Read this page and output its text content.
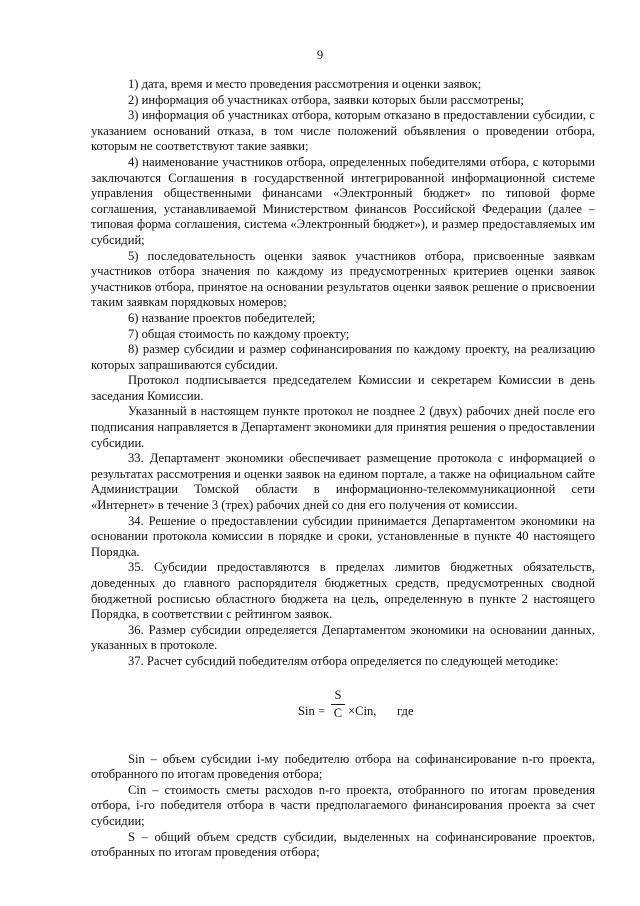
9

1) дата, время и место проведения рассмотрения и оценки заявок;

2) информация об участниках отбора, заявки которых были рассмотрены;

3) информация об участниках отбора, которым отказано в предоставлении субсидии, с указанием оснований отказа, в том числе положений объявления о проведении отбора, которым не соответствуют такие заявки;

4) наименование участников отбора, определенных победителями отбора, с которыми заключаются Соглашения в государственной интегрированной информационной системе управления общественными финансами «Электронный бюджет» по типовой форме соглашения, устанавливаемой Министерством финансов Российской Федерации (далее – типовая форма соглашения, система «Электронный бюджет»), и размер предоставляемых им субсидий;

5) последовательность оценки заявок участников отбора, присвоенные заявкам участников отбора значения по каждому из предусмотренных критериев оценки заявок участников отбора, принятое на основании результатов оценки заявок решение о присвоении таким заявкам порядковых номеров;

6) название проектов победителей;

7) общая стоимость по каждому проекту;

8) размер субсидии и размер софинансирования по каждому проекту, на реализацию которых запрашиваются субсидии.

Протокол подписывается председателем Комиссии и секретарем Комиссии в день заседания Комиссии.

Указанный в настоящем пункте протокол не позднее 2 (двух) рабочих дней после его подписания направляется в Департамент экономики для принятия решения о предоставлении субсидии.

33. Департамент экономики обеспечивает размещение протокола с информацией о результатах рассмотрения и оценки заявок на едином портале, а также на официальном сайте Администрации Томской области в информационно-телекоммуникационной сети «Интернет» в течение 3 (трех) рабочих дней со дня его получения от комиссии.

34. Решение о предоставлении субсидии принимается Департаментом экономики на основании протокола комиссии в порядке и сроки, установленные в пункте 40 настоящего Порядка.

35. Субсидии предоставляются в пределах лимитов бюджетных обязательств, доведенных до главного распорядителя бюджетных средств, предусмотренных сводной бюджетной росписью областного бюджета на цель, определенную в пункте 2 настоящего Порядка, в соответствии с рейтингом заявок.

36. Размер субсидии определяется Департаментом экономики на основании данных, указанных в протоколе.

37. Расчет субсидий победителям отбора определяется по следующей методике:

Sin =
S
C ×Cin, где

Sin – объем субсидии i-му победителю отбора на софинансирование n-го проекта, отобранного по итогам проведения отбора;

Cin – стоимость сметы расходов n-го проекта, отобранного по итогам проведения отбора, i-го победителя отбора в части предполагаемого финансирования проекта за счет субсидии;

S – общий объем средств субсидии, выделенных на софинансирование проектов, отобранных по итогам проведения отбора;
